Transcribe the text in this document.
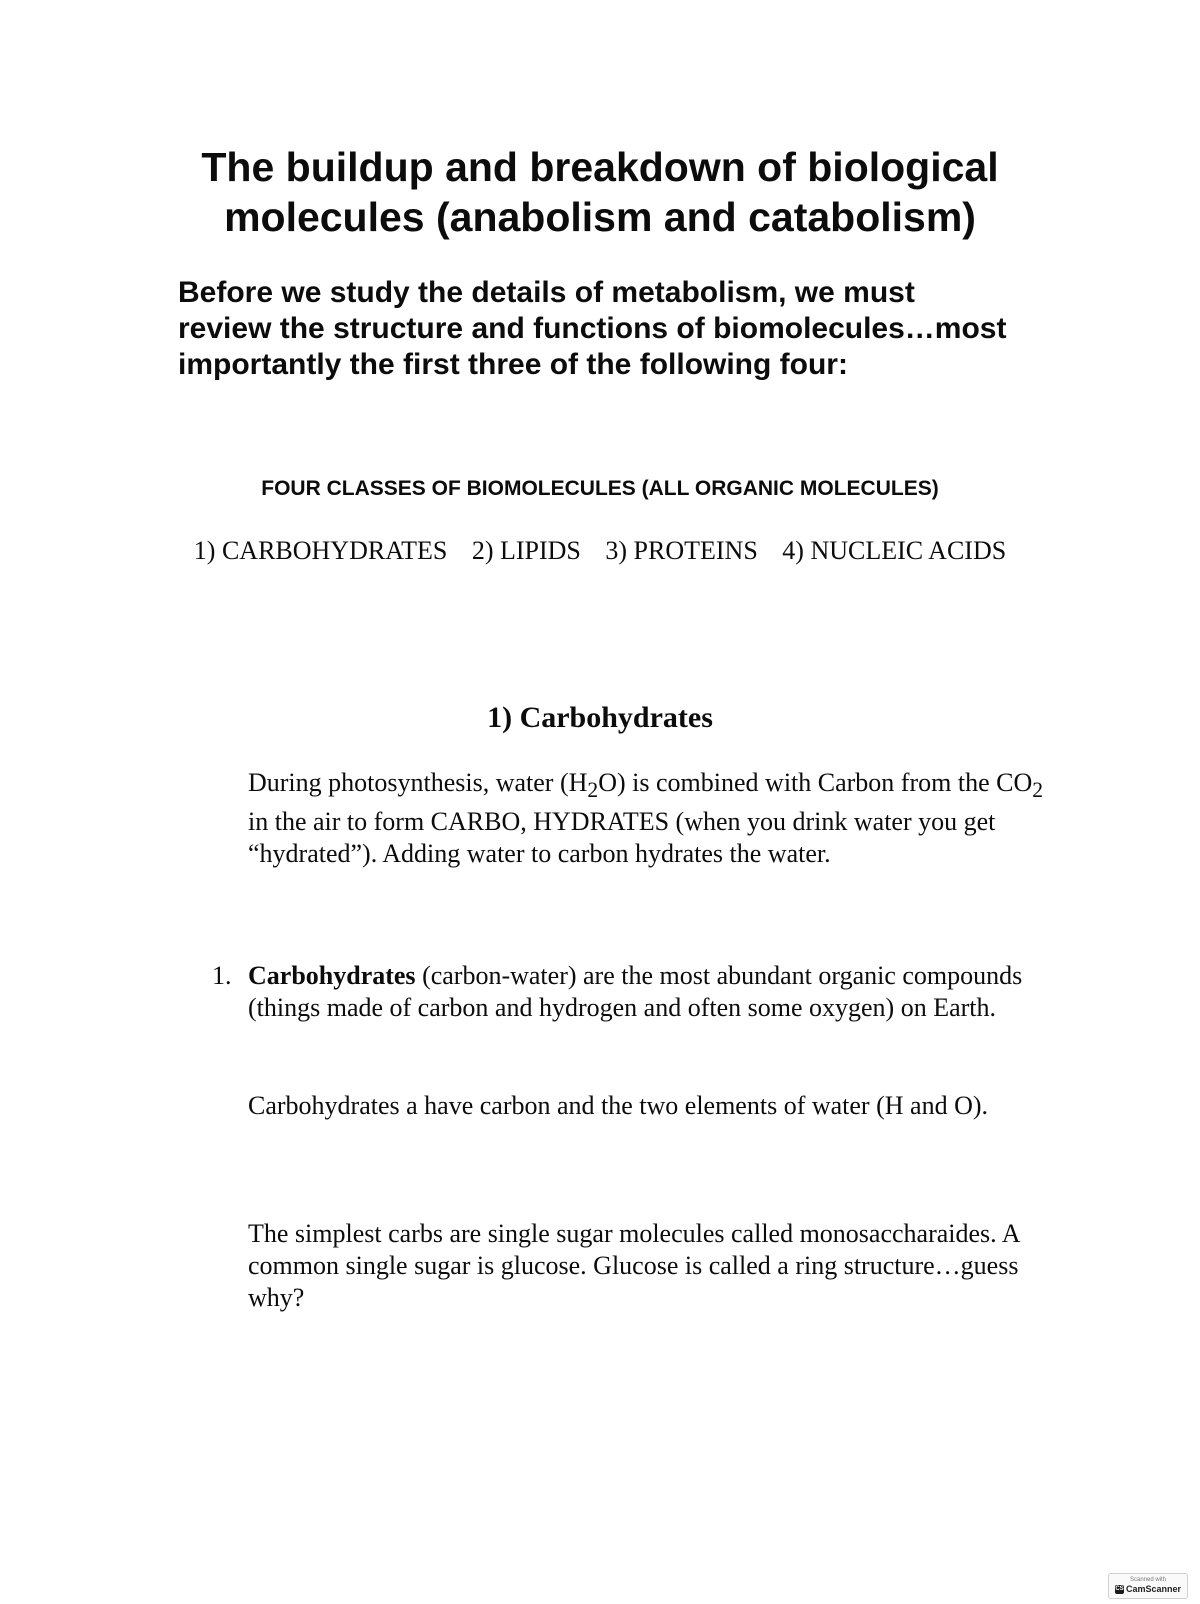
The buildup and breakdown of biological molecules (anabolism and catabolism)

Before we study the details of metabolism, we must review the structure and functions of biomolecules…most importantly the first three of the following four:

FOUR CLASSES OF BIOMOLECULES (ALL ORGANIC MOLECULES)

1) CARBOHYDRATES 2) LIPIDS 3) PROTEINS 4) NUCLEIC ACIDS

1) Carbohydrates

During photosynthesis, water $(H_2O)$ is combined with Carbon from the $CO_2$ in the air to form CARBO, HYDRATES (when you drink water you get “hydrated”). Adding water to carbon hydrates the water.

1. Carbohydrates (carbon-water) are the most abundant organic compounds (things made of carbon and hydrogen and often some oxygen) on Earth.

Carbohydrates a have carbon and the two elements of water (H and O).

The simplest carbs are single sugar molecules called monosaccharaides. A common single sugar is glucose. Glucose is called a ring structure…guess why?

Scanned with
CS CamScanner
